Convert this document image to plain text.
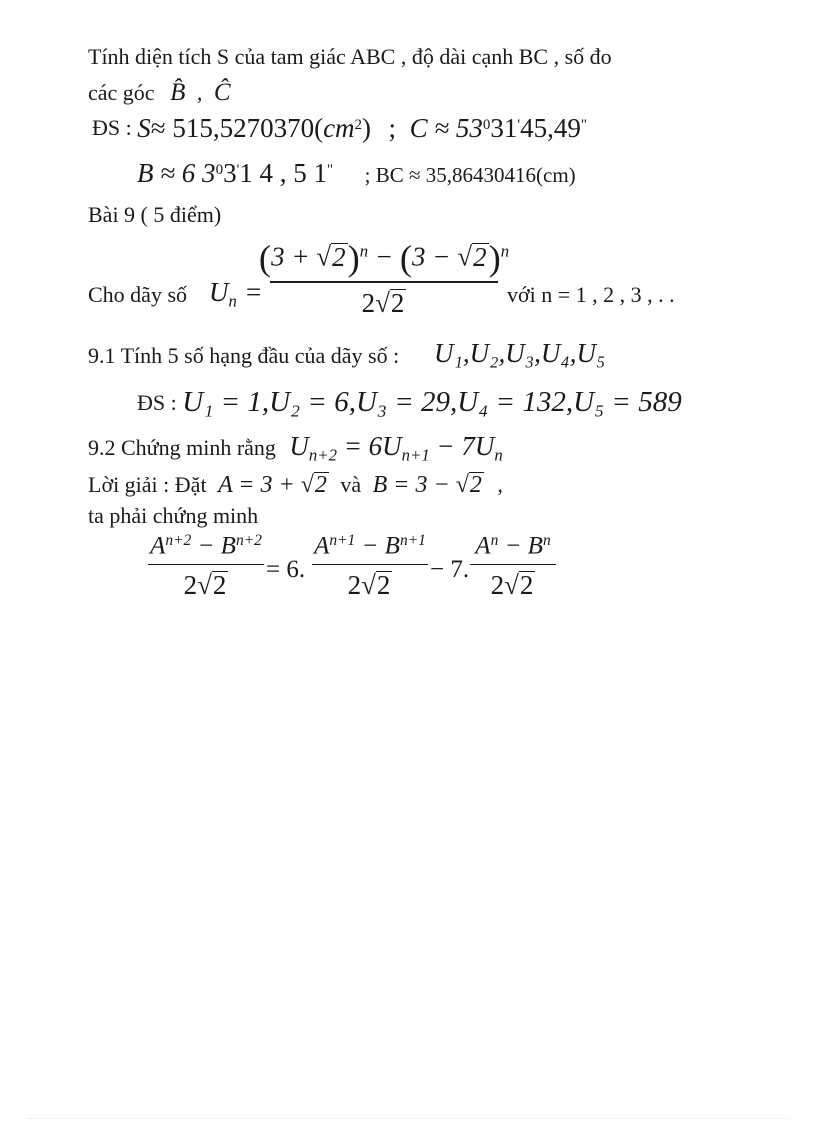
Tính diện tích S của tam giác ABC , độ dài cạnh BC , số đo
các góc B̂ , Ĉ
ĐS : $S\approx 515,5270370(cm^2)$ ; $C \approx 53^031'45,49^"$
B ≈ 6 $3^03'1$ 4 , 5 1" ; BC ≈ 35,86430416(cm)
Bài 9 ( 5 điểm)
Cho dãy số $U_n$ =
$(3 + √2)^n - (3 - √2)^n$
2√2	với n = 1 , 2 , 3 , . .
9.1 Tính 5 số hạng đầu của dãy số : U₁,U₂,U₃,U₄,U₅
ĐS : U₁ = 1,U₂ = 6,U₃ = 29,U₄ = 132,U₅ = 589
9.2 Chứng minh rằng $U_{n+2} = 6U_{n+1} - 7U_n$
Lời giải : Đặt A = 3 + √2 và B = 3 − √2 ,
ta phải chứng minh
$A^{n+2} - B^{n+2}$
2√2
= 6.
$A^{n+1} - B^{n+1}$
2√2
− 7.
$A^n - B^n$
2√2
